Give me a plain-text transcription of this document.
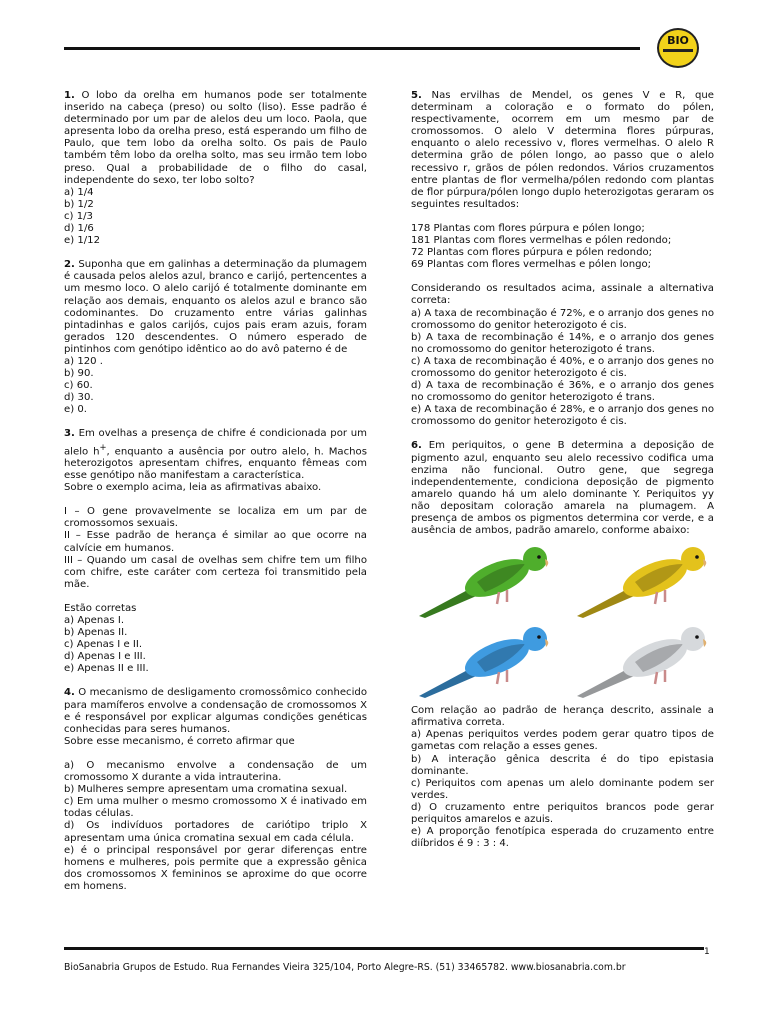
BIO

1. O lobo da orelha em humanos pode ser totalmente inserido na cabeça (preso) ou solto (liso). Esse padrão é determinado por um par de alelos deu um loco. Paola, que apresenta lobo da orelha preso, está esperando um filho de Paulo, que tem lobo da orelha solto. Os pais de Paulo também têm lobo da orelha solto, mas seu irmão tem lobo preso. Qual a probabilidade de o filho do casal, independente do sexo, ter lobo solto?

a) 1/4
b) 1/2
c) 1/3
d) 1/6
e) 1/12

2. Suponha que em galinhas a determinação da plumagem é causada pelos alelos azul, branco e carijó, pertencentes a um mesmo loco. O alelo carijó é totalmente dominante em relação aos demais, enquanto os alelos azul e branco são codominantes. Do cruzamento entre várias galinhas pintadinhas e galos carijós, cujos pais eram azuis, foram gerados 120 descendentes. O número esperado de pintinhos com genótipo idêntico ao do avô paterno é de

a) 120 .
b) 90.
c) 60.
d) 30.
e) 0.

3. Em ovelhas a presença de chifre é condicionada por um alelo h+, enquanto a ausência por outro alelo, h. Machos heterozigotos apresentam chifres, enquanto fêmeas com esse genótipo não manifestam a característica.

Sobre o exemplo acima, leia as afirmativas abaixo.

I – O gene provavelmente se localiza em um par de cromossomos sexuais.

II – Esse padrão de herança é similar ao que ocorre na calvície em humanos.

III – Quando um casal de ovelhas sem chifre tem um filho com chifre, este caráter com certeza foi transmitido pela mãe.

Estão corretas
a) Apenas I.
b) Apenas II.
c) Apenas I e II.
d) Apenas I e III.
e) Apenas II e III.

4. O mecanismo de desligamento cromossômico conhecido para mamíferos envolve a condensação de cromossomos X e é responsável por explicar algumas condições genéticas conhecidas para seres humanos.

Sobre esse mecanismo, é correto afirmar que

a) O mecanismo envolve a condensação de um cromossomo X durante a vida intrauterina.

b) Mulheres sempre apresentam uma cromatina sexual.

c) Em uma mulher o mesmo cromossomo X é inativado em todas células.

d) Os indivíduos portadores de cariótipo triplo X apresentam uma única cromatina sexual em cada célula.

e) é o principal responsável por gerar diferenças entre homens e mulheres, pois permite que a expressão gênica dos cromossomos X femininos se aproxime do que ocorre em homens.

5. Nas ervilhas de Mendel, os genes V e R, que determinam a coloração e o formato do pólen, respectivamente, ocorrem em um mesmo par de cromossomos. O alelo V determina flores púrpuras, enquanto o alelo recessivo v, flores vermelhas. O alelo R determina grão de pólen longo, ao passo que o alelo recessivo r, grãos de pólen redondos. Vários cruzamentos entre plantas de flor vermelha/pólen redondo com plantas de flor púrpura/pólen longo duplo heterozigotas geraram os seguintes resultados:

178 Plantas com flores púrpura e pólen longo;
181 Plantas com flores vermelhas e pólen redondo;
72 Plantas com flores púrpura e pólen redondo;
69 Plantas com flores vermelhas e pólen longo;

Considerando os resultados acima, assinale a alternativa correta:

a) A taxa de recombinação é 72%, e o arranjo dos genes no cromossomo do genitor heterozigoto é cis.

b) A taxa de recombinação é 14%, e o arranjo dos genes no cromossomo do genitor heterozigoto é trans.

c) A taxa de recombinação é 40%, e o arranjo dos genes no cromossomo do genitor heterozigoto é cis.

d) A taxa de recombinação é 36%, e o arranjo dos genes no cromossomo do genitor heterozigoto é trans.

e) A taxa de recombinação é 28%, e o arranjo dos genes no cromossomo do genitor heterozigoto é cis.

6. Em periquitos, o gene B determina a deposição de pigmento azul, enquanto seu alelo recessivo codifica uma enzima não funcional. Outro gene, que segrega independentemente, condiciona deposição de pigmento amarelo quando há um alelo dominante Y. Periquitos yy não depositam coloração amarela na plumagem. A presença de ambos os pigmentos determina cor verde, e a ausência de ambos, padrão amarelo, conforme abaixo:

Com relação ao padrão de herança descrito, assinale a afirmativa correta.

a) Apenas periquitos verdes podem gerar quatro tipos de gametas com relação a esses genes.

b) A interação gênica descrita é do tipo epistasia dominante.

c) Periquitos com apenas um alelo dominante podem ser verdes.

d) O cruzamento entre periquitos brancos pode gerar periquitos amarelos e azuis.

e) A proporção fenotípica esperada do cruzamento entre diíbridos é 9 : 3 : 4.

1
BioSanabria Grupos de Estudo. Rua Fernandes Vieira 325/104, Porto Alegre-RS. (51) 33465782. www.biosanabria.com.br
